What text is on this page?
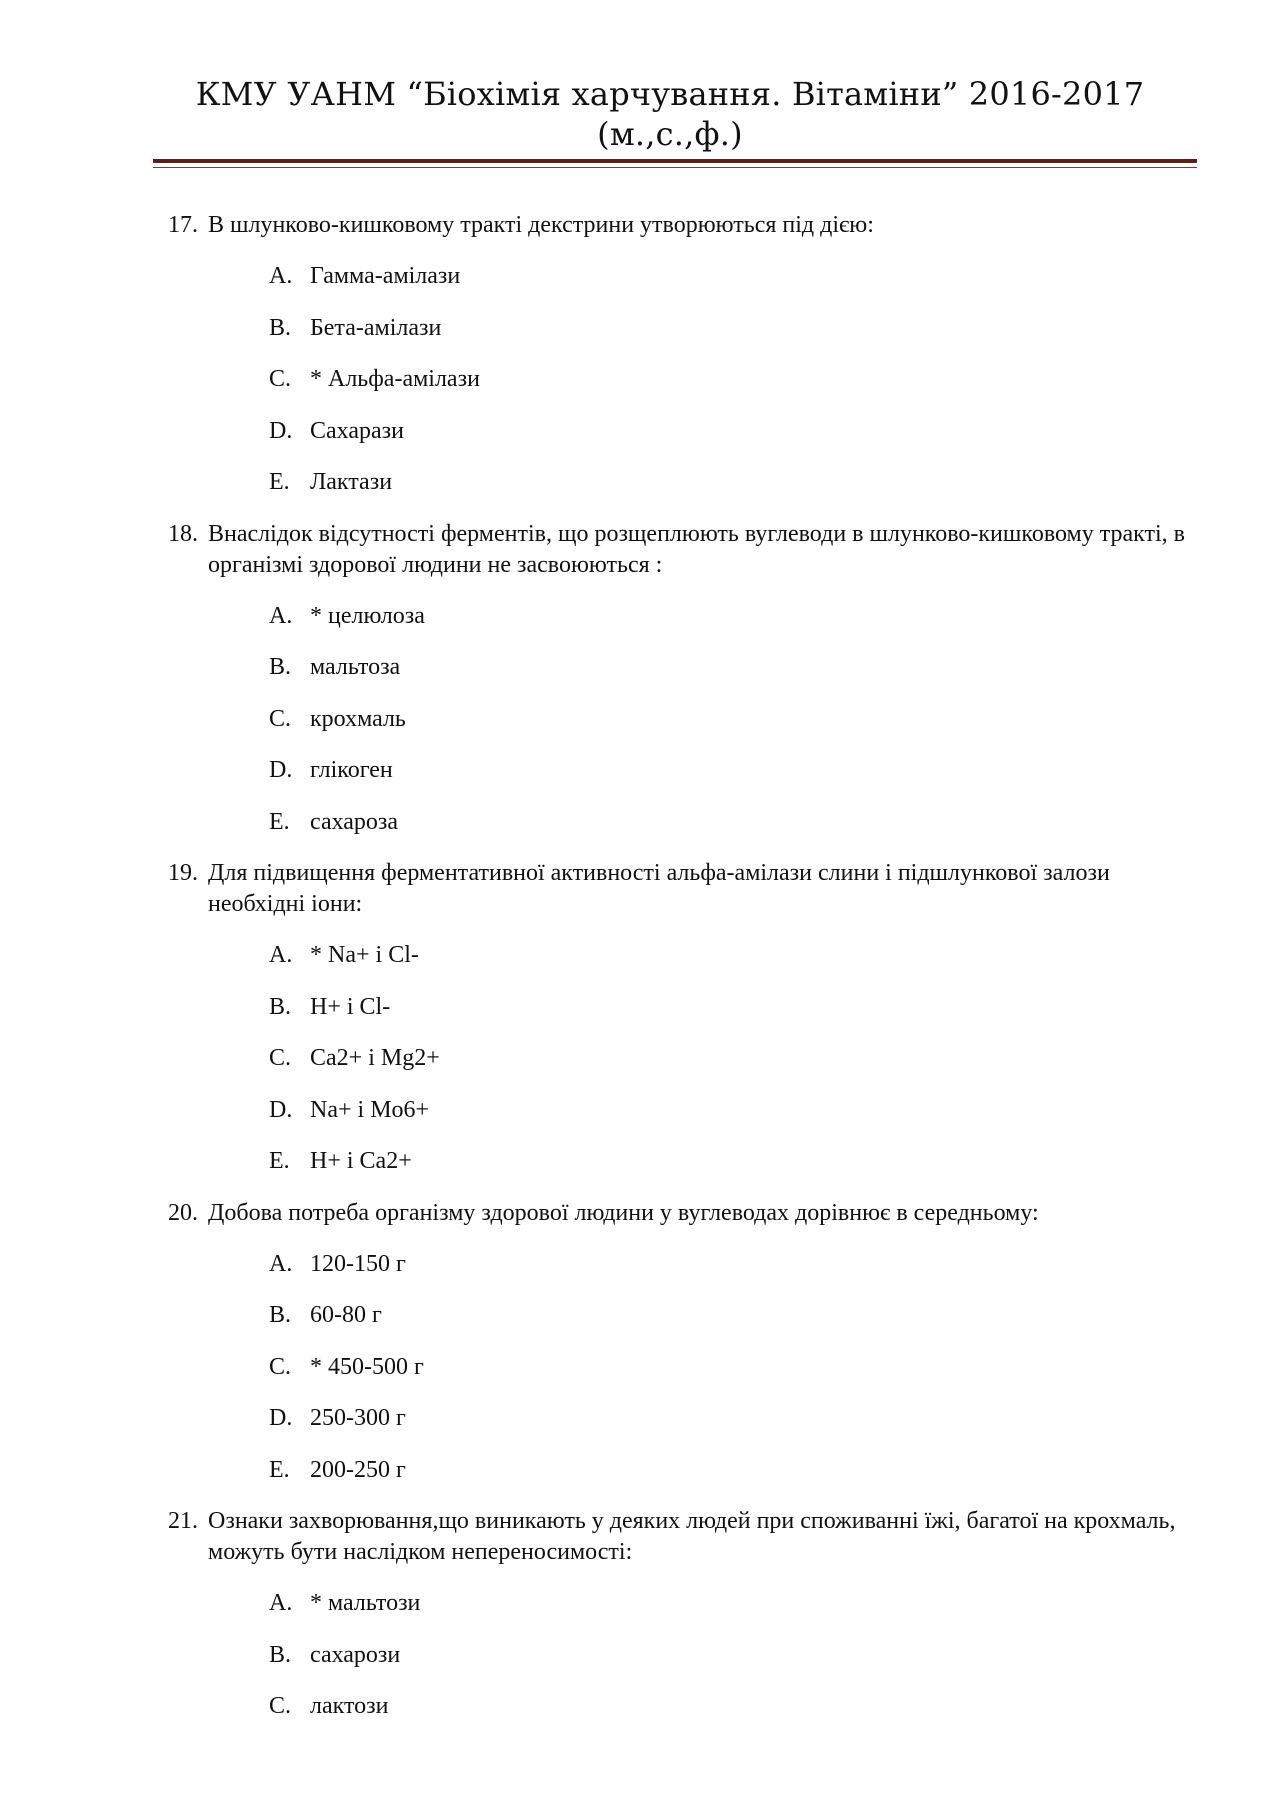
КМУ УАНМ “Біохімія харчування. Вітаміни” 2016-2017
(м.,с.,ф.)
17. В шлунково-кишковому тракті декстрини утворюються під дією:
A. Гамма-амілази
B. Бета-амілази
C. * Альфа-амілази
D. Сахарази
E. Лактази
18. Внаслідок відсутності ферментів, що розщеплюють вуглеводи в шлунково-кишковому тракті, в організмі здорової людини не засвоюються :
A. * целюлоза
B. мальтоза
C. крохмаль
D. глікоген
E. сахароза
19. Для підвищення ферментативної активності альфа-амілази слини і підшлункової залози необхідні іони:
A. * Na+ і Cl-
B. H+ і Cl-
C. Ca2+ і Mg2+
D. Na+ і Mo6+
E. H+ і Ca2+
20. Добова потреба організму здорової людини у вуглеводах дорівнює в середньому:
A. 120-150 г
B. 60-80 г
C. * 450-500 г
D. 250-300 г
E. 200-250 г
21. Ознаки захворювання,що виникають у деяких людей при споживанні їжі, багатої на крохмаль, можуть бути наслідком непереносимості:
A. * мальтози
B. сахарози
C. лактози
